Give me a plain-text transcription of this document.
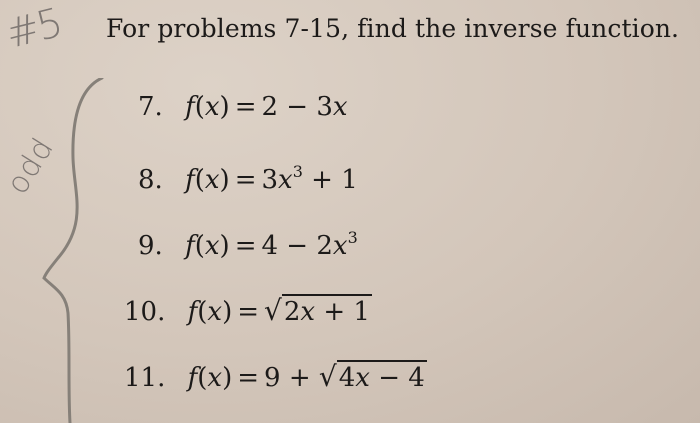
#5
odd
For problems 7-15, find the inverse function.
7. f(x) = 2 − 3x
8. $f(x) = 3x^3 + 1$
9. $f(x) = 4 - 2x^3$
10. f(x) = √2x + 1
11. f(x) = 9 + √4x − 4
